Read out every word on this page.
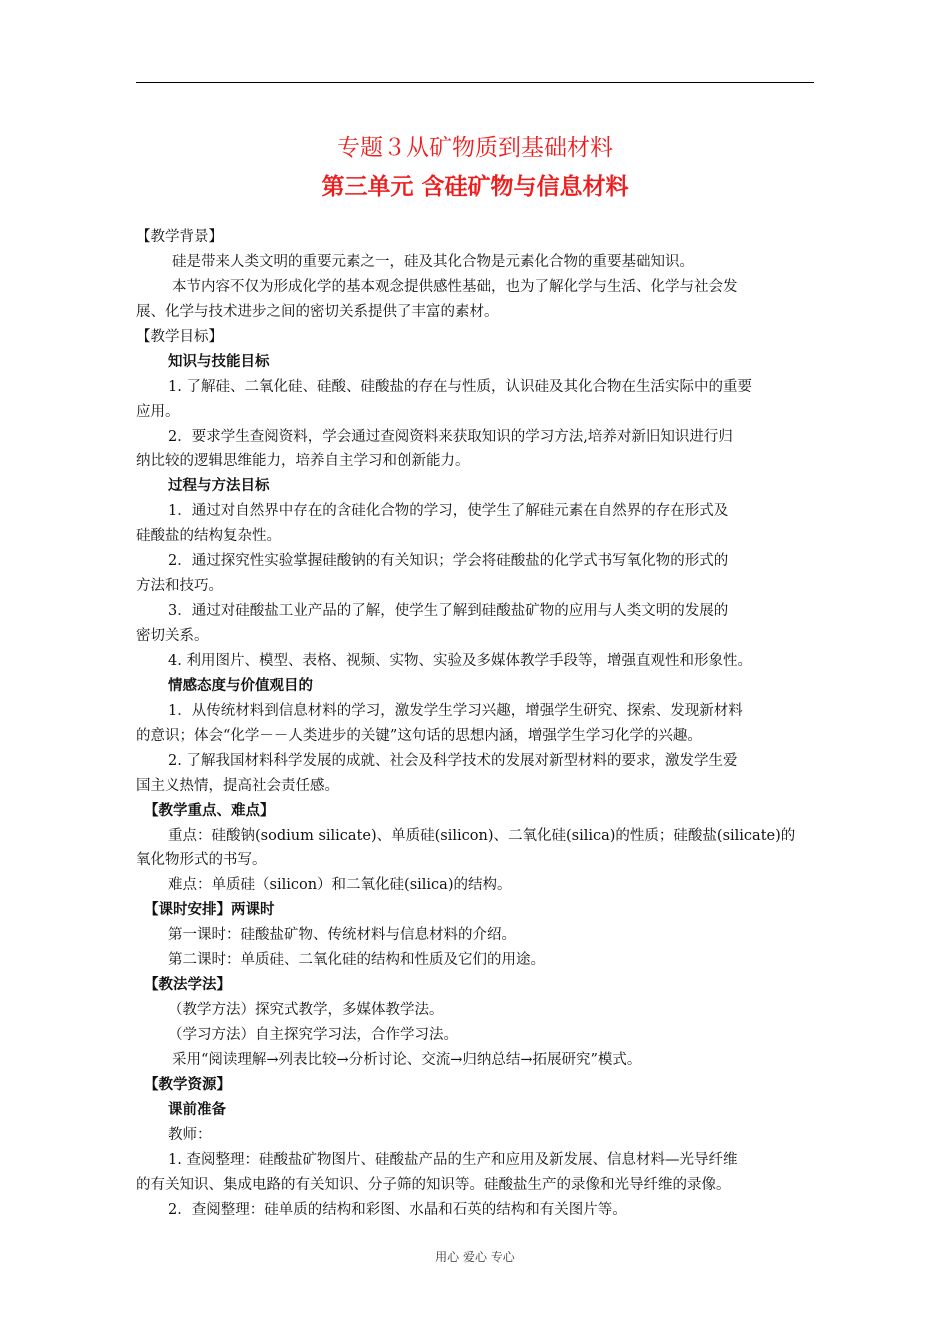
专题３从矿物质到基础材料
第三单元 含硅矿物与信息材料
【教学背景】
硅是带来人类文明的重要元素之一，硅及其化合物是元素化合物的重要基础知识。
本节内容不仅为形成化学的基本观念提供感性基础，也为了解化学与生活、化学与社会发
展、化学与技术进步之间的密切关系提供了丰富的素材。
【教学目标】
知识与技能目标
1. 了解硅、二氧化硅、硅酸、硅酸盐的存在与性质，认识硅及其化合物在生活实际中的重要
应用。
2．要求学生查阅资料，学会通过查阅资料来获取知识的学习方法,培养对新旧知识进行归
纳比较的逻辑思维能力，培养自主学习和创新能力。
过程与方法目标
1．通过对自然界中存在的含硅化合物的学习，使学生了解硅元素在自然界的存在形式及
硅酸盐的结构复杂性。
2．通过探究性实验掌握硅酸钠的有关知识；学会将硅酸盐的化学式书写氧化物的形式的
方法和技巧。
3．通过对硅酸盐工业产品的了解，使学生了解到硅酸盐矿物的应用与人类文明的发展的
密切关系。
4. 利用图片、模型、表格、视频、实物、实验及多媒体教学手段等，增强直观性和形象性。
情感态度与价值观目的
1．从传统材料到信息材料的学习，激发学生学习兴趣，增强学生研究、探索、发现新材料
的意识；体会“化学－－人类进步的关键”这句话的思想内涵，增强学生学习化学的兴趣。
2. 了解我国材料科学发展的成就、社会及科学技术的发展对新型材料的要求，激发学生爱
国主义热情，提高社会责任感。
【教学重点、难点】
重点：硅酸钠(sodium silicate)、单质硅(silicon)、二氧化硅(silica)的性质；硅酸盐(silicate)的
氧化物形式的书写。
难点：单质硅（silicon）和二氧化硅(silica)的结构。
【课时安排】两课时
第一课时：硅酸盐矿物、传统材料与信息材料的介绍。
第二课时：单质硅、二氧化硅的结构和性质及它们的用途。
【教法学法】
（教学方法）探究式教学，多媒体教学法。
（学习方法）自主探究学习法，合作学习法。
采用“阅读理解→列表比较→分析讨论、交流→归纳总结→拓展研究”模式。
【教学资源】
课前准备
教师：
1. 查阅整理：硅酸盐矿物图片、硅酸盐产品的生产和应用及新发展、信息材料—光导纤维
的有关知识、集成电路的有关知识、分子筛的知识等。硅酸盐生产的录像和光导纤维的录像。
2．查阅整理：硅单质的结构和彩图、水晶和石英的结构和有关图片等。
用心 爱心 专心
